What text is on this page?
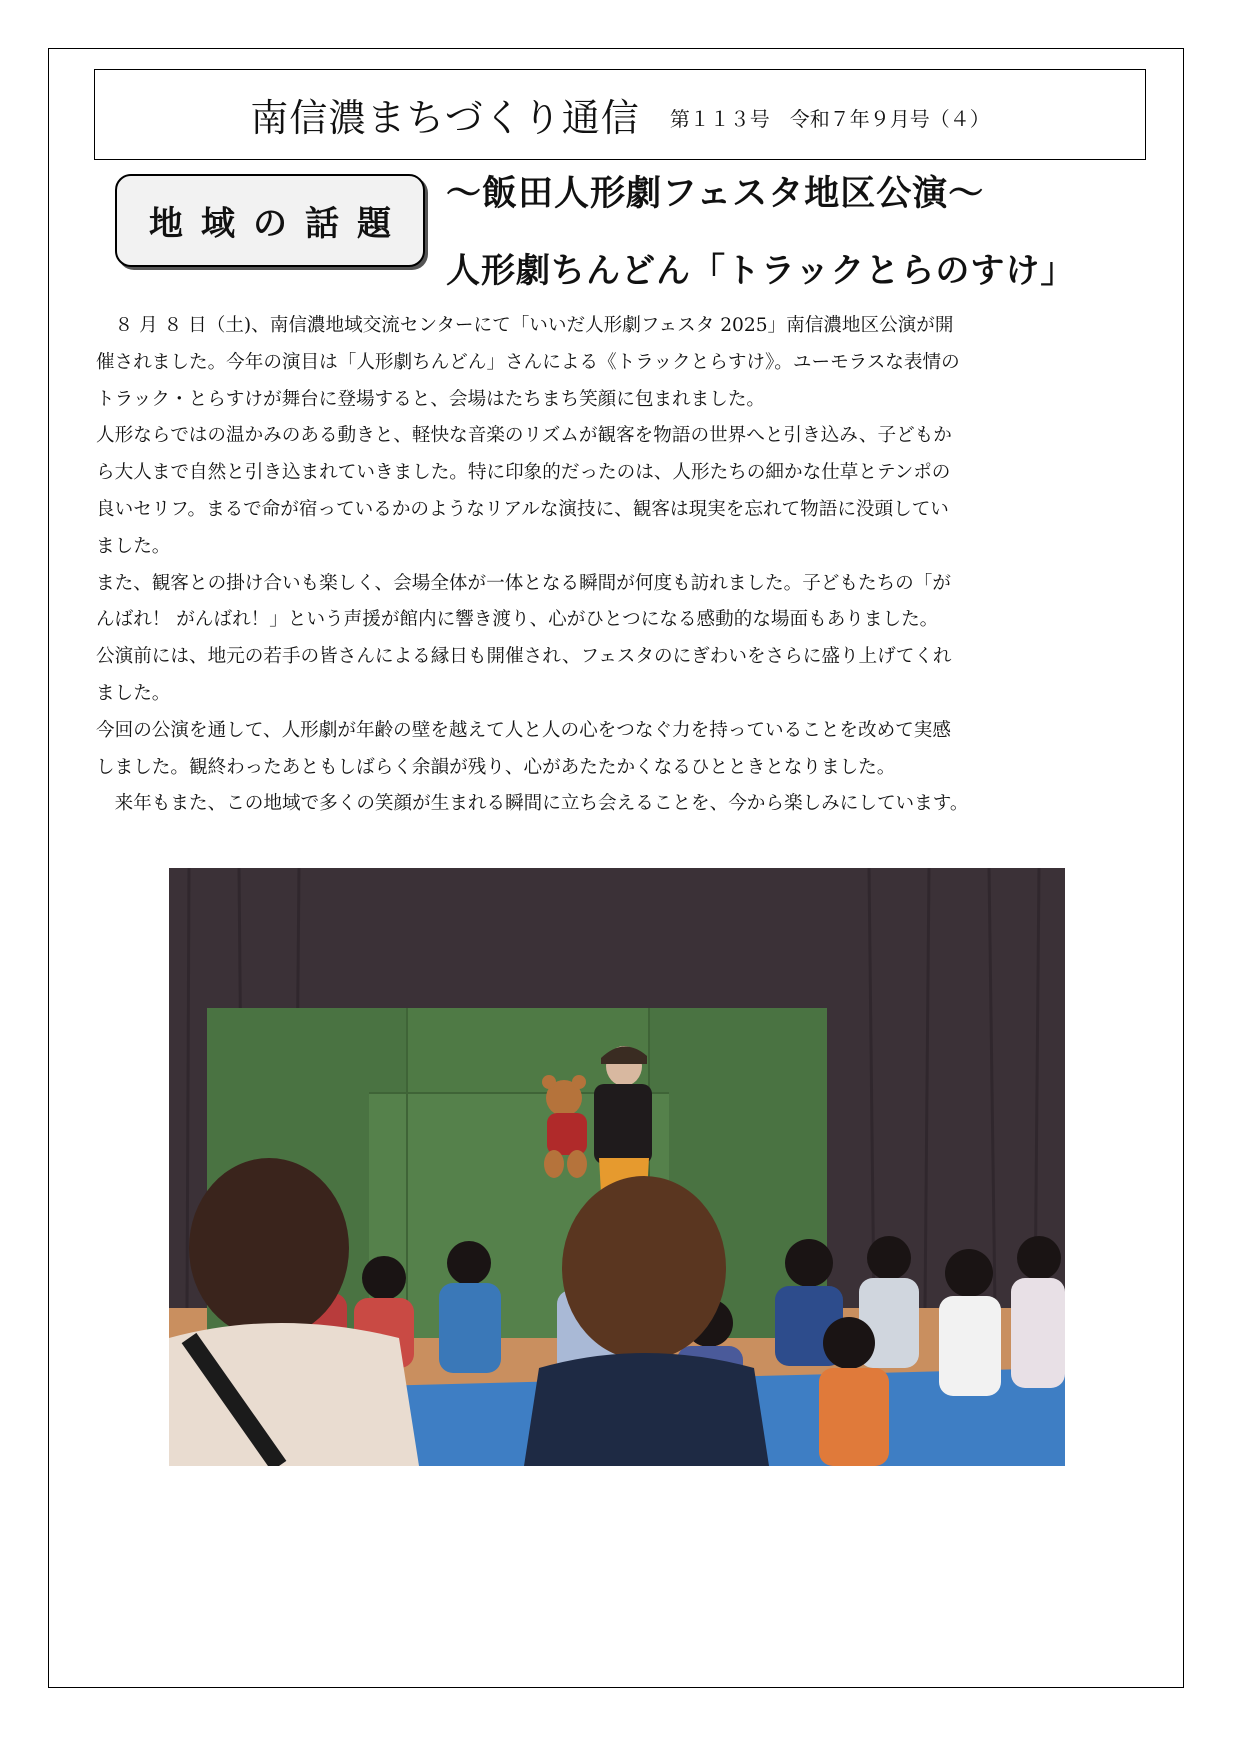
南信濃まちづくり通信 第１１３号　令和７年９月号（４）
地域の話題
～飯田人形劇フェスタ地区公演～
人形劇ちんどん「トラックとらのすけ」

　８ 月 ８ 日（土)、南信濃地域交流センターにて「いいだ人形劇フェスタ 2025」南信濃地区公演が開

催されました。今年の演目は「人形劇ちんどん」さんによる《トラックとらすけ》。ユーモラスな表情の

トラック・とらすけが舞台に登場すると、会場はたちまち笑顔に包まれました。

人形ならではの温かみのある動きと、軽快な音楽のリズムが観客を物語の世界へと引き込み、子どもか

ら大人まで自然と引き込まれていきました。特に印象的だったのは、人形たちの細かな仕草とテンポの

良いセリフ。まるで命が宿っているかのようなリアルな演技に、観客は現実を忘れて物語に没頭してい

ました。

また、観客との掛け合いも楽しく、会場全体が一体となる瞬間が何度も訪れました。子どもたちの「が

んばれ！ がんばれ！」という声援が館内に響き渡り、心がひとつになる感動的な場面もありました。

公演前には、地元の若手の皆さんによる縁日も開催され、フェスタのにぎわいをさらに盛り上げてくれ

ました。

今回の公演を通して、人形劇が年齢の壁を越えて人と人の心をつなぐ力を持っていることを改めて実感

しました。観終わったあともしばらく余韻が残り、心があたたかくなるひとときとなりました。

　来年もまた、この地域で多くの笑顔が生まれる瞬間に立ち会えることを、今から楽しみにしています。
